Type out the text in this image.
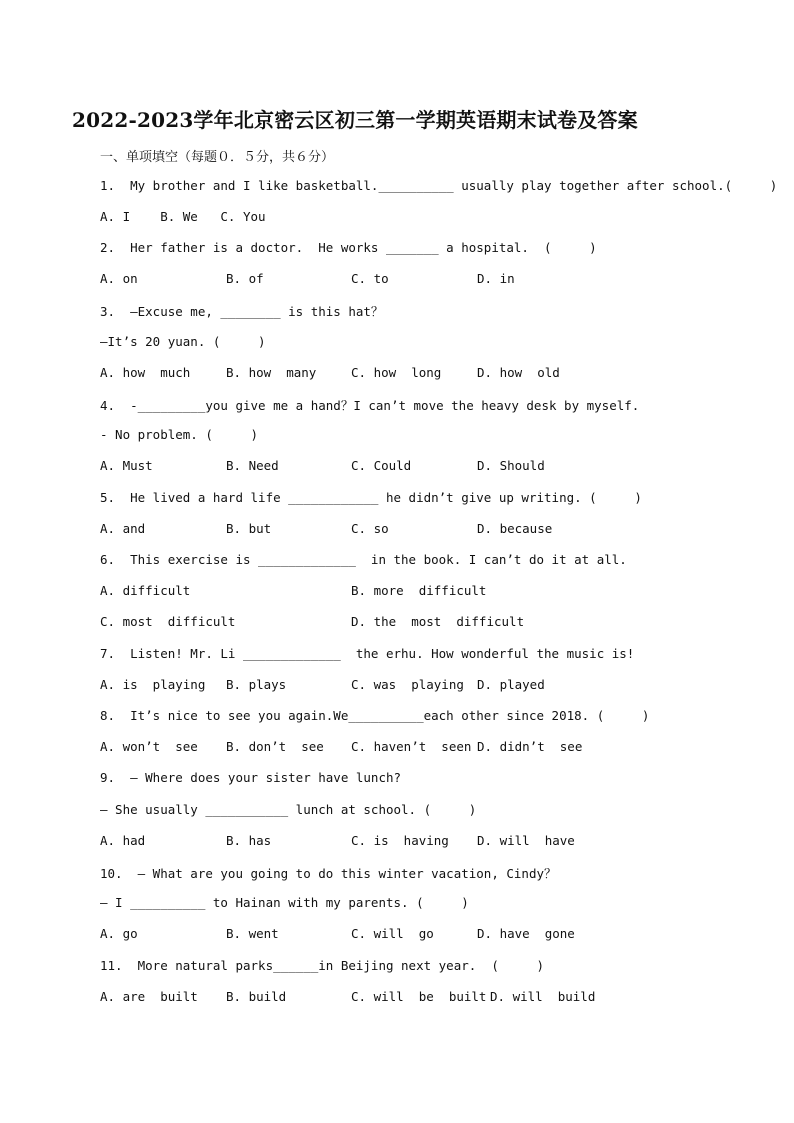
2022-2023学年北京密云区初三第一学期英语期末试卷及答案
一、单项填空（每题０．５分，共６分）
1.  My brother and I like basketball.__________ usually play together after school.(     )
A. I    B. We   C. You
2.  Her father is a doctor.  He works _______ a hospital.  (     )
A. on	B. of	C. to	D. in
3.  —Excuse me, ________ is this hat？
—It’s 20 yuan. (     )
A. how  much	B. how  many	C. how  long	D. how  old
4.  -_________you give me a hand？I can’t move the heavy desk by myself.
- No problem. (     )
A. Must	B. Need	C. Could	D. Should
5.  He lived a hard life ____________ he didn’t give up writing. (     )
A. and	B. but	C. so	D. because
6.  This exercise is _____________  in the book. I can’t do it at all.
A. difficult	B. more  difficult
C. most  difficult	D. the  most  difficult
7.  Listen! Mr. Li _____________  the erhu. How wonderful the music is!
A. is  playing B. plays	C. was  playing D. played
8.  It’s nice to see you again.We__________each other since 2018. (     )
A. won’t  see B. don’t  see C. haven’t  seen D. didn’t  see
9.  — Where does your sister have lunch?
— She usually ___________ lunch at school. (     )
A. had	B. has	C. is  having D. will  have
10.  — What are you going to do this winter vacation, Cindy？
— I __________ to Hainan with my parents. (     )
A. go	B. went	C. will  go	D. have  gone
11.  More natural parks______in Beijing next year.  (     )
A. are  built B. build	C. will  be  built D. will  build
